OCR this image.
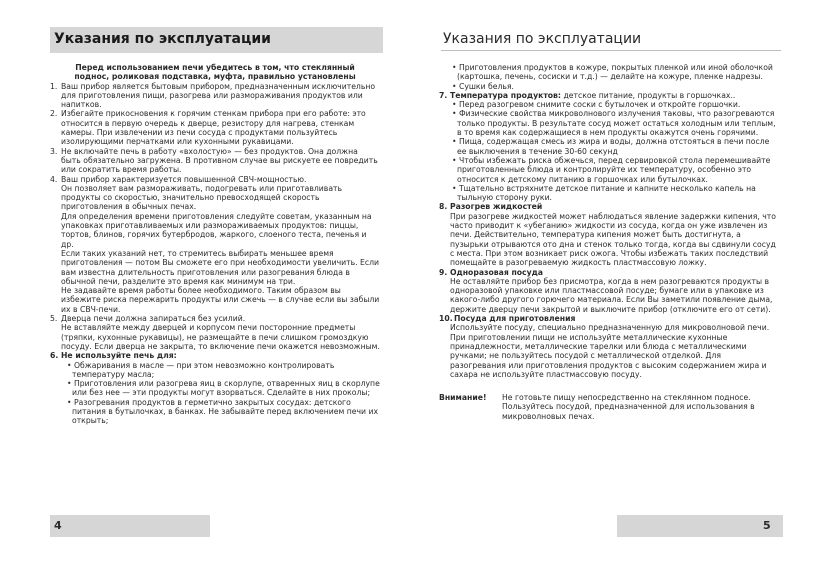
Указания по эксплуатации

Перед использованием печи убедитесь в том, что стеклянный поднос, роликовая подставка, муфта, правильно установлены

1. Ваш прибор является бытовым прибором, предназначенным исключительно для приготовления пищи, разогрева или размораживания продуктов или напитков.
2. Избегайте прикосновения к горячим стенкам прибора при его работе: это относится в первую очередь к дверце, резистору для нагрева, стенкам камеры. При извлечении из печи сосуда с продуктами пользуйтесь изолирующими перчатками или кухонными рукавицами.
3. Не включайте печь в работу «вхолостую» — без продуктов. Она должна быть обязательно загружена. В противном случае вы рискуете ее повредить или сократить время работы.
4. Ваш прибор характеризуется повышенной СВЧ-мощностью.

Он позволяет вам размораживать, подогревать или приготавливать продукты со скоростью, значительно превосходящей скорость приготовления в обычных печах.

Для определения времени приготовления следуйте советам, указанным на упаковках приготавливаемых или размораживаемых продуктов: пиццы, тортов, блинов, горячих бутербродов, жаркого, слоеного теста, печенья и др.

Если таких указаний нет, то стремитесь выбирать меньшее время приготовления — потом Вы сможете его при необходимости увеличить. Если вам известна длительность приготовления или разогревания блюда в обычной печи, разделите это время как минимум на три.

Не задавайте время работы более необходимого. Таким образом вы избежите риска пережарить продукты или сжечь — в случае если вы забыли их в СВЧ-печи.

5. Дверца печи должна запираться без усилий.

Не вставляйте между дверцей и корпусом печи посторонние предметы (тряпки, кухонные рукавицы), не размещайте в печи слишком громоздкую посуду. Если дверца не закрыта, то включение печи окажется невозможным.

6. Не используйте печь для:

• Обжаривания в масле — при этом невозможно контролировать температуру масла;

• Приготовления или разогрева яиц в скорлупе, отваренных яиц в скорлупе или без нее — эти продукты могут взорваться. Сделайте в них проколы;

• Разогревания продуктов в герметично закрытых сосудах: детского питания в бутылочках, в банках. Не забывайте перед включением печи их открыть;

4
Указания по эксплуатации

• Приготовления продуктов в кожуре, покрытых пленкой или иной оболочкой (картошка, печень, сосиски и т.д.) — делайте на кожуре, пленке надрезы.

• Сушки белья.

7. Температура продуктов: детское питание, продукты в горшочках..

• Перед разогревом снимите соски с бутылочек и откройте горшочки.

• Физические свойства микроволнового излучения таковы, что разогреваются только продукты. В результате сосуд может остаться холодным или теплым, в то время как содержащиеся в нем продукты окажутся очень горячими.

• Пища, содержащая смесь из жира и воды, должна отстояться в печи после ее выключения в течение 30-60 секунд

• Чтобы избежать риска обжечься, перед сервировкой стола перемешивайте приготовленные блюда и контролируйте их температуру, особенно это относится к детскому питанию в горшочках или бутылочках.

• Тщательно встряхните детское питание и капните несколько капель на тыльную сторону руки.

8. Разогрев жидкостей

При разогреве жидкостей может наблюдаться явление задержки кипения, что часто приводит к «убеганию» жидкости из сосуда, когда он уже извлечен из печи. Действительно, температура кипения может быть достигнута, а пузырьки отрываются ото дна и стенок только тогда, когда вы сдвинули сосуд с места. При этом возникает риск ожога. Чтобы избежать таких последствий помещайте в разогреваемую жидкость пластмассовую ложку.

9. Одноразовая посуда

Не оставляйте прибор без присмотра, когда в нем разогреваются продукты в одноразовой упаковке или пластмассовой посуде; бумаге или в упаковке из какого-либо другого горючего материала. Если Вы заметили появление дыма, держите дверцу печи закрытой и выключите прибор (отключите его от сети).

10. Посуда для приготовления

Используйте посуду, специально предназначенную для микроволновой печи. При приготовлении пищи не используйте металлические кухонные принадлежности, металлические тарелки или блюда с металлическими ручками; не пользуйтесь посудой с металлической отделкой. Для разогревания или приготовления продуктов с высоким содержанием жира и сахара не используйте пластмассовую посуду.

Внимание!	Не готовьте пищу непосредственно на стеклянном подносе. Пользуйтесь посудой, предназначенной для использования в микроволновых печах.
5
